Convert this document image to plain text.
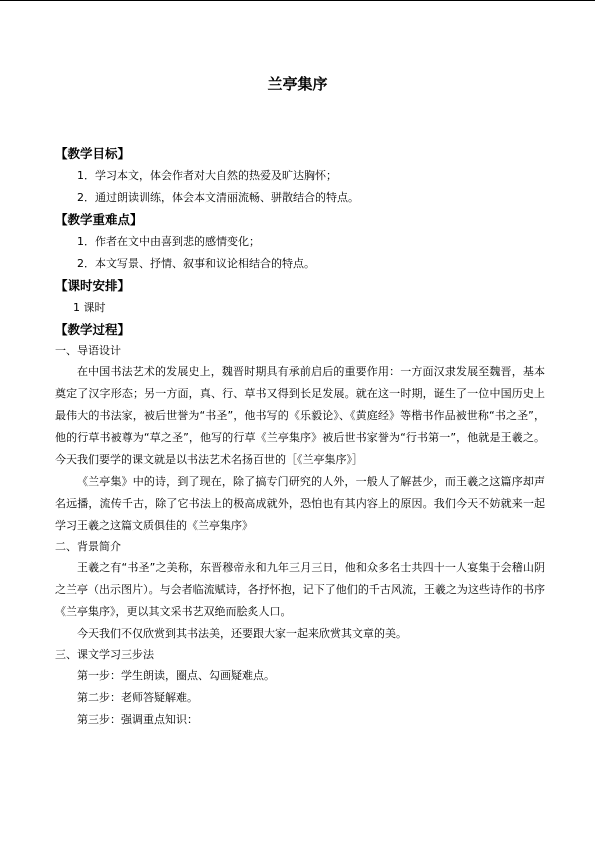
兰亭集序
【教学目标】
1．学习本文，体会作者对大自然的热爱及旷达胸怀；
2．通过朗读训练，体会本文清丽流畅、骈散结合的特点。
【教学重难点】
1．作者在文中由喜到悲的感情变化；
2．本文写景、抒情、叙事和议论相结合的特点。
【课时安排】
1 课时
【教学过程】
一、导语设计

在中国书法艺术的发展史上，魏晋时期具有承前启后的重要作用：一方面汉隶发展至魏晋，基本奠定了汉字形态；另一方面，真、行、草书又得到长足发展。就在这一时期，诞生了一位中国历史上最伟大的书法家，被后世誉为“书圣”，他书写的《乐毅论》、《黄庭经》等楷书作品被世称“书之圣”，他的行草书被尊为“草之圣”，他写的行草《兰亭集序》被后世书家誉为“行书第一”，他就是王羲之。今天我们要学的课文就是以书法艺术名扬百世的［《兰亭集序》］

《兰亭集》中的诗，到了现在，除了搞专门研究的人外，一般人了解甚少，而王羲之这篇序却声名远播，流传千古，除了它书法上的极高成就外，恐怕也有其内容上的原因。我们今天不妨就来一起学习王羲之这篇文质俱佳的《兰亭集序》

二、背景简介

王羲之有“书圣”之美称，东晋穆帝永和九年三月三日，他和众多名士共四十一人宴集于会稽山阴之兰亭（出示图片）。与会者临流赋诗，各抒怀抱，记下了他们的千古风流，王羲之为这些诗作的书序《兰亭集序》，更以其文采书艺双绝而脍炙人口。

今天我们不仅欣赏到其书法美，还要跟大家一起来欣赏其文章的美。

三、课文学习三步法
第一步：学生朗读，圈点、勾画疑难点。
第二步：老师答疑解难。
第三步：强调重点知识：
